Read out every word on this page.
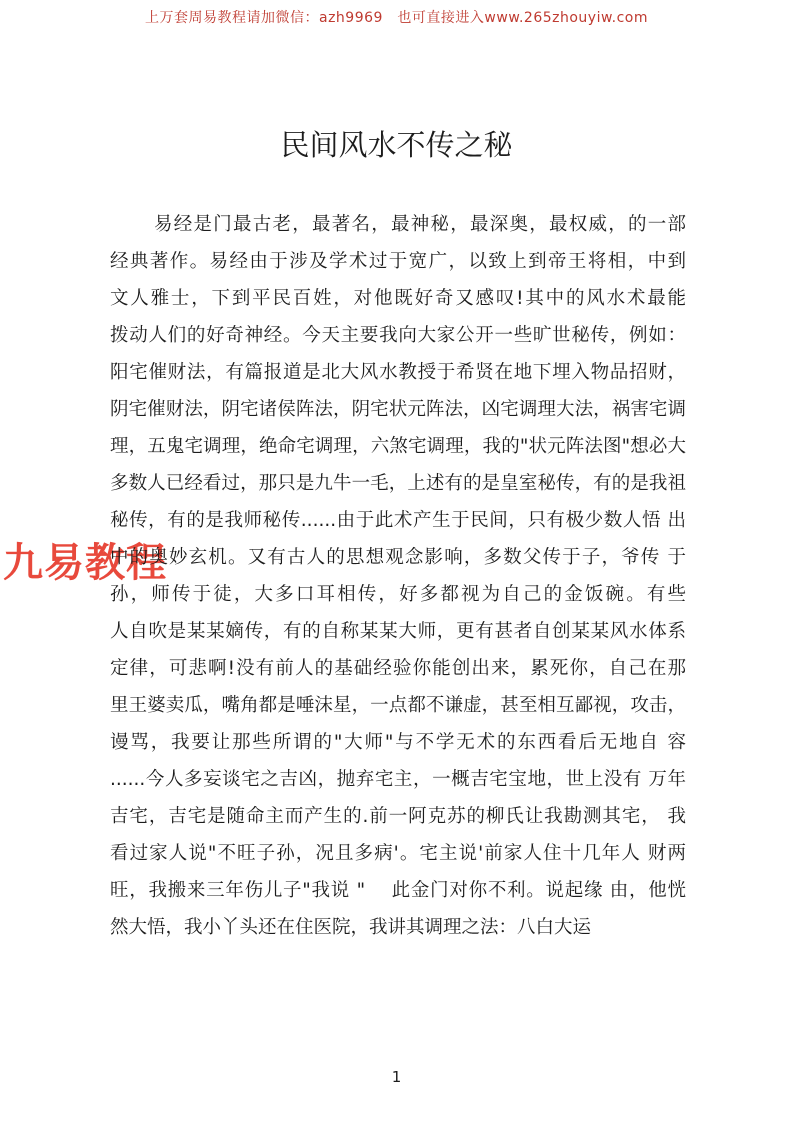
上万套周易教程请加微信：azh9969　也可直接进入www.265zhouyiw.com
民间风水不传之秘
九易教程
易经是门最古老，最著名，最神秘，最深奥，最权威，的一部
经典著作。易经由于涉及学术过于宽广，以致上到帝王将相，中到
文人雅士，下到平民百姓，对他既好奇又感叹!其中的风水术最能
拨动人们的好奇神经。今天主要我向大家公开一些旷世秘传，例如：
阳宅催财法，有篇报道是北大风水教授于希贤在地下埋入物品招财，
阴宅催财法，阴宅诸侯阵法，阴宅状元阵法，凶宅调理大法，祸害宅调
理，五鬼宅调理，绝命宅调理，六煞宅调理，我的"状元阵法图"想必大
多数人已经看过，那只是九牛一毛，上述有的是皇室秘传，有的是我祖
秘传，有的是我师秘传......由于此术产生于民间，只有极少数人悟 出
中的奥妙玄机。又有古人的思想观念影响，多数父传于子，爷传 于
孙，师传于徒，大多口耳相传，好多都视为自己的金饭碗。有些
人自吹是某某嫡传，有的自称某某大师，更有甚者自创某某风水体系
定律，可悲啊!没有前人的基础经验你能创出来，累死你，自己在那
里王婆卖瓜，嘴角都是唾沫星，一点都不谦虚，甚至相互鄙视，攻击，
谩骂，我要让那些所谓的"大师"与不学无术的东西看后无地自 容
......今人多妄谈宅之吉凶，抛弃宅主，一概吉宅宝地，世上没有 万年
吉宅，吉宅是随命主而产生的.前一阿克苏的柳氏让我勘测其宅， 我
看过家人说"不旺子孙，况且多病'。宅主说'前家人住十几年人 财两
旺，我搬来三年伤儿子"我说 "　 此金门对你不利。说起缘 由，他恍
然大悟，我小丫头还在住医院，我讲其调理之法：八白大运
1
